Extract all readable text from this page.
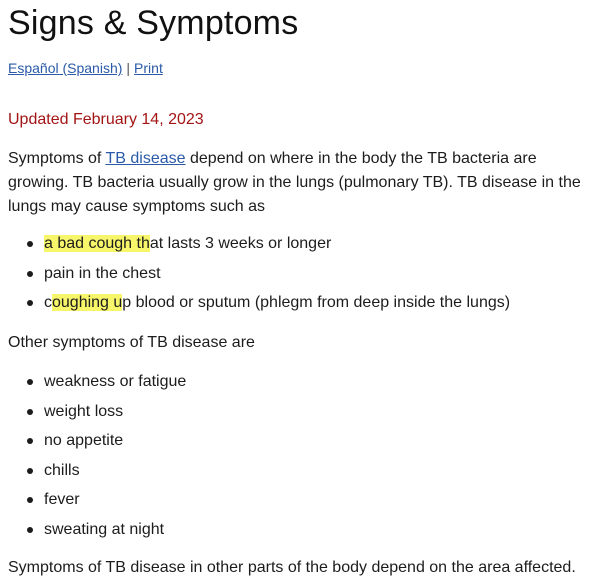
Signs & Symptoms
Español (Spanish) | Print
Updated February 14, 2023

Symptoms of TB disease depend on where in the body the TB bacteria are growing. TB bacteria usually grow in the lungs (pulmonary TB). TB disease in the lungs may cause symptoms such as

a bad cough that lasts 3 weeks or longer
pain in the chest
coughing up blood or sputum (phlegm from deep inside the lungs)

Other symptoms of TB disease are

weakness or fatigue
weight loss
no appetite
chills
fever
sweating at night

Symptoms of TB disease in other parts of the body depend on the area affected.
